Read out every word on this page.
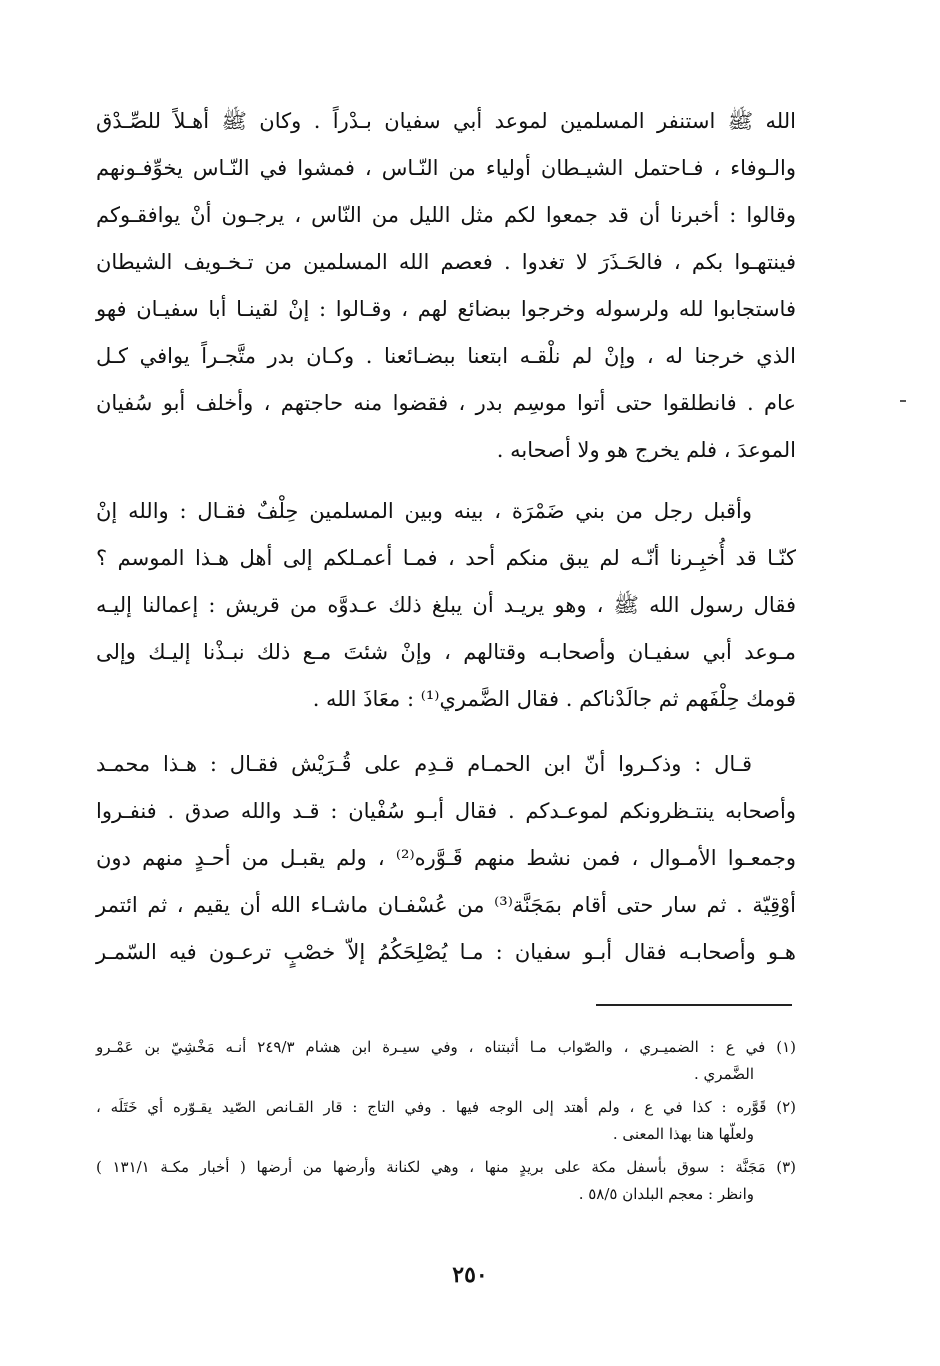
الله ﷺ استنفر المسلمين لموعد أبي سفيان بـدْراً . وكان ﷺ أهـلاً للصِّـدْق
والـوفاء ، فـاحتمل الشيـطان أولياء من النّـاس ، فمشوا في النّـاس يخوِّفـونهم
وقالوا : أخبرنا أن قد جمعوا لكم مثل الليل من النّاس ، يرجـون أنْ يوافقـوكم
فينتهـوا بكم ، فالحَـذَرَ لا تغدوا . فعصم الله المسلمين من تـخـويف الشيطان
فاستجابوا لله ولرسوله وخرجوا ببضائع لهم ، وقـالوا : إنْ لقينـا أبا سفيـان فهو
الذي خرجنا له ، وإنْ لم نلْقـه ابتعنا ببضـائعنا . وكـان بدر متَّجـراً يوافي كـل
عام . فانطلقوا حتى أتوا موسِم بدر ، فقضوا منه حاجتهم ، وأخلف أبو سُفيان
الموعدَ ، فلم يخرج هو ولا أصحابه .
وأقبل رجل من بني ضَمْرَة ، بينه وبين المسلمين حِلْفٌ فقـال : والله إنْ
كنّـا قد أُخبِـرنا أنّـه لم يبق منكم أحد ، فمـا أعمـلكم إلى أهل هـذا الموسم ؟
فقال رسول الله ﷺ ، وهو يريـد أن يبلغ ذلك عـدوَّه من قريش : إعمالنا إليـه
مـوعد أبي سفيـان وأصحابـه وقتالهم ، وإنْ شئتَ مـع ذلك نبـذْنا إليـك وإلى
قومك حِلْفَهم ثم جالَدْناكم . فقال الضَّمري⁽¹⁾ : معَاذَ الله .
قـال : وذكـروا أنّ ابن الحمـام قـدِم على قُـرَيْش فقـال : هـذا محمـد
وأصحابه ينتـظرونكم لموعـدكم . فقال أبـو سُفْيان : قـد والله صدق . فنفـروا
وجمعـوا الأمـوال ، فمن نشط منهم قَـوَّره⁽²⁾ ، ولم يقبـل من أحـدٍ منهم دون
أوْقِيّة . ثم سار حتى أقام بمَجَنَّة⁽³⁾ من عُسْفـان ماشـاء الله أن يقيم ، ثم ائتمر
هـو وأصحابـه فقال أبـو سفيان : مـا يُصْلِحَكُمُ إلاّ خصْبٍ ترعـون فيه السّمـر
(١) في ع : الضميـري ، والصّواب مـا أثبتناه ، وفي سيـرة ابن هشام ٢٤٩/٣ أنـه مَخْشِيّ بن عَمْـرو
الضَّمري .
(٢) قَوَّره : كذا في ع ، ولم أهتد إلى الوجه فيها . وفي التاج : قار القـانص الصّيد يقـوّره أي خَتَلَه ،
ولعلّها هنا بهذا المعنى .
(٣) مَجَنَّة : سوق بأسفل مكة على بريدٍ منها ، وهي لكنانة وأرضها من أرضها ( أخبار مكـة ١٣١/١ )
وانظر : معجم البلدان ٥٨/٥ .
٢٥٠
